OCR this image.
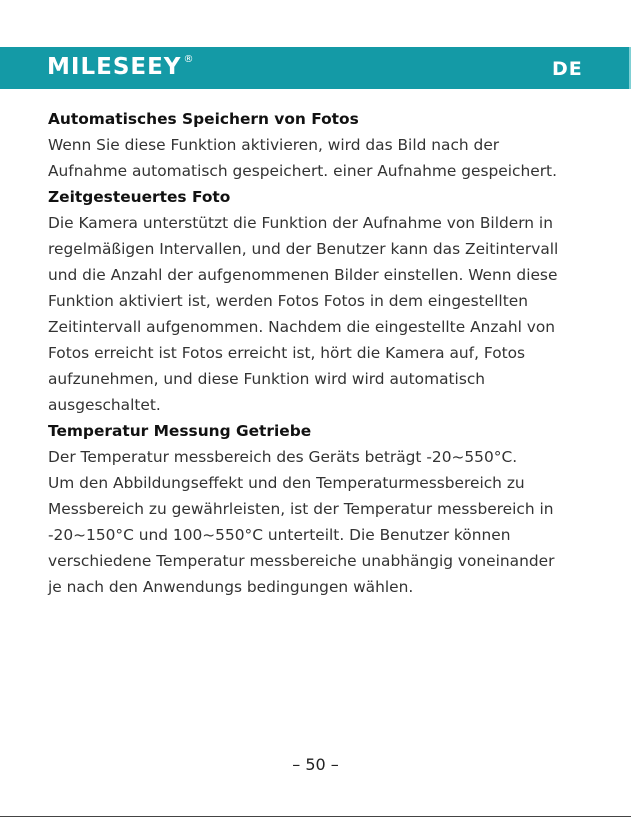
MILESEEY ®	DE
Automatisches Speichern von Fotos
Wenn Sie diese Funktion aktivieren, wird das Bild nach der
Aufnahme automatisch gespeichert. einer Aufnahme gespeichert.
Zeitgesteuertes Foto
Die Kamera unterstützt die Funktion der Aufnahme von Bildern in
regelmäßigen Intervallen, und der Benutzer kann das Zeitintervall
und die Anzahl der aufgenommenen Bilder einstellen. Wenn diese
Funktion aktiviert ist, werden Fotos Fotos in dem eingestellten
Zeitintervall aufgenommen. Nachdem die eingestellte Anzahl von
Fotos erreicht ist Fotos erreicht ist, hört die Kamera auf, Fotos
aufzunehmen, und diese Funktion wird wird automatisch
ausgeschaltet.
Temperatur Messung Getriebe
Der Temperatur messbereich des Geräts beträgt -20~550°C.
Um den Abbildungseffekt und den Temperaturmessbereich zu
Messbereich zu gewährleisten, ist der Temperatur messbereich in
-20~150°C und 100~550°C unterteilt. Die Benutzer können
verschiedene Temperatur messbereiche unabhängig voneinander
je nach den Anwendungs bedingungen wählen.
– 50 –
